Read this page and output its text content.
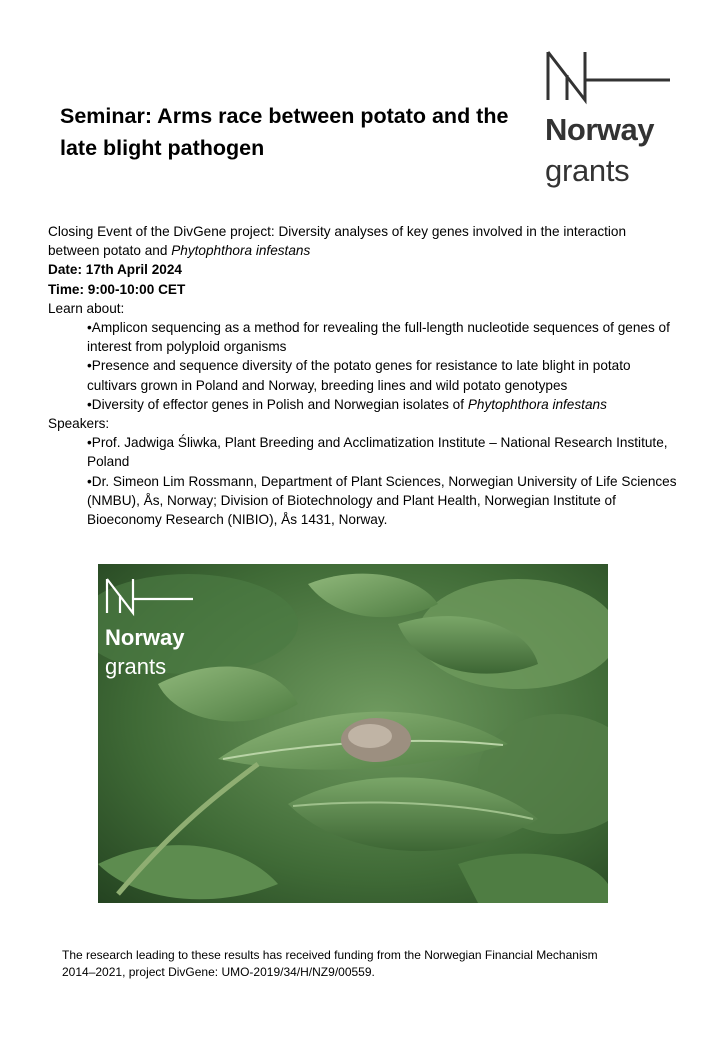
Seminar: Arms race between potato and the late blight pathogen
Norway
grants

Closing Event of the DivGene project: Diversity analyses of key genes involved in the interaction between potato and Phytophthora infestans

Date: 17th April 2024

Time: 9:00-10:00 CET

Learn about:

•Amplicon sequencing as a method for revealing the full-length nucleotide sequences of genes of interest from polyploid organisms
•Presence and sequence diversity of the potato genes for resistance to late blight in potato cultivars grown in Poland and Norway, breeding lines and wild potato genotypes
•Diversity of effector genes in Polish and Norwegian isolates of Phytophthora infestans

Speakers:

•Prof. Jadwiga Śliwka, Plant Breeding and Acclimatization Institute – National Research Institute, Poland
•Dr. Simeon Lim Rossmann, Department of Plant Sciences, Norwegian University of Life Sciences (NMBU), Ås, Norway; Division of Biotechnology and Plant Health, Norwegian Institute of Bioeconomy Research (NIBIO), Ås 1431, Norway.
Norway
grants

The research leading to these results has received funding from the Norwegian Financial Mechanism

2014–2021, project DivGene: UMO-2019/34/H/NZ9/00559.
